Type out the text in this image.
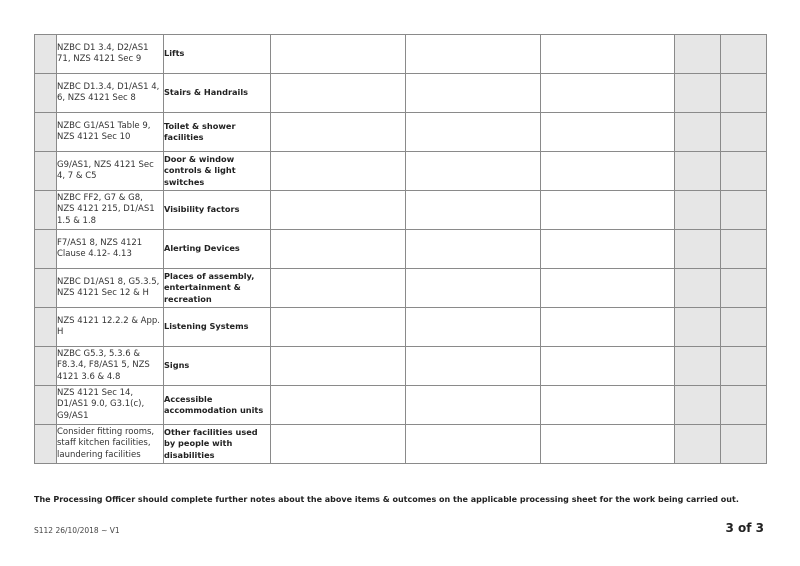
	NZBC D1 3.4, D2/AS1 71, NZS 4121 Sec 9	Lifts					
	NZBC D1.3.4, D1/AS1 4, 6, NZS 4121 Sec 8	Stairs & Handrails					
	NZBC G1/AS1 Table 9, NZS 4121 Sec 10	Toilet & shower facilities					
	G9/AS1, NZS 4121 Sec 4, 7 & C5	Door & window controls & light switches					
	NZBC FF2, G7 & G8, NZS 4121 215, D1/AS1 1.5 & 1.8	Visibility factors					
	F7/AS1 8, NZS 4121 Clause 4.12- 4.13	Alerting Devices					
	NZBC D1/AS1 8, G5.3.5, NZS 4121 Sec 12 & H	Places of assembly, entertainment & recreation					
	NZS 4121 12.2.2 & App. H	Listening Systems					
	NZBC G5.3, 5.3.6 & F8.3.4, F8/AS1 5, NZS 4121 3.6 & 4.8	Signs					
	NZS 4121 Sec 14, D1/AS1 9.0, G3.1(c), G9/AS1	Accessible accommodation units					
	Consider fitting rooms, staff kitchen facilities, laundering facilities	Other facilities used by people with disabilities					
The Processing Officer should complete further notes about the above items & outcomes on the applicable processing sheet for the work being carried out.
S112 26/10/2018 ~ V1	3 of 3
